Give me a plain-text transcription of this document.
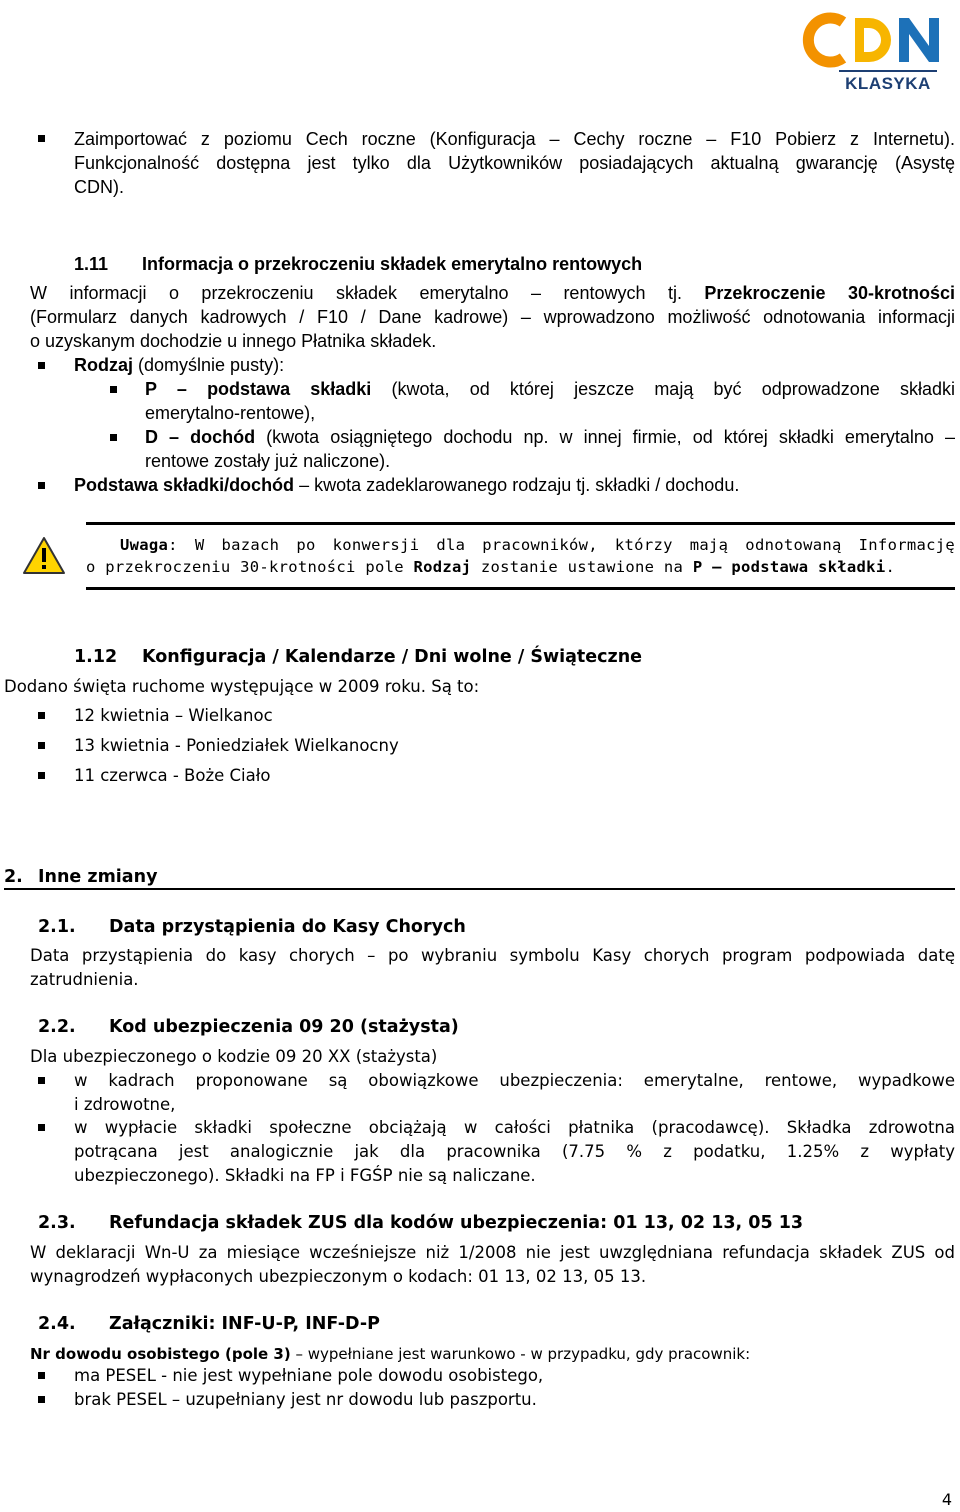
KLASYKA
Zaimportować z poziomu Cech roczne (Konfiguracja – Cechy roczne – F10 Pobierz z Internetu).
Funkcjonalność dostępna jest tylko dla Użytkowników posiadających aktualną gwarancję (Asystę
CDN).
1.11 Informacja o przekroczeniu składek emerytalno rentowych
W informacji o przekroczeniu składek emerytalno – rentowych tj. Przekroczenie 30-krotności
(Formularz danych kadrowych / F10 / Dane kadrowe) – wprowadzono możliwość odnotowania informacji
o uzyskanym dochodzie u innego Płatnika składek.
Rodzaj (domyślnie pusty):
P – podstawa składki (kwota, od której jeszcze mają być odprowadzone składki
emerytalno-rentowe),
D – dochód (kwota osiągniętego dochodu np. w innej firmie, od której składki emerytalno –
rentowe zostały już naliczone).
Podstawa składki/dochód – kwota zadeklarowanego rodzaju tj. składki / dochodu.
Uwaga: W bazach po konwersji dla pracowników, którzy mają odnotowaną Informację
o przekroczeniu 30-krotności pole Rodzaj zostanie ustawione na P – podstawa składki.
1.12 Konfiguracja / Kalendarze / Dni wolne / Świąteczne
Dodano święta ruchome występujące w 2009 roku. Są to:
12 kwietnia – Wielkanoc
13 kwietnia - Poniedziałek Wielkanocny
11 czerwca - Boże Ciało
2. Inne zmiany
2.1. Data przystąpienia do Kasy Chorych
Data przystąpienia do kasy chorych – po wybraniu symbolu Kasy chorych program podpowiada datę
zatrudnienia.
2.2. Kod ubezpieczenia 09 20 (stażysta)
Dla ubezpieczonego o kodzie 09 20 XX (stażysta)
w kadrach proponowane są obowiązkowe ubezpieczenia: emerytalne, rentowe, wypadkowe
i zdrowotne,
w wypłacie składki społeczne obciążają w całości płatnika (pracodawcę). Składka zdrowotna
potrącana jest analogicznie jak dla pracownika (7.75 % z podatku, 1.25% z wypłaty
ubezpieczonego). Składki na FP i FGŚP nie są naliczane.
2.3. Refundacja składek ZUS dla kodów ubezpieczenia: 01 13, 02 13, 05 13
W deklaracji Wn-U za miesiące wcześniejsze niż 1/2008 nie jest uwzględniana refundacja składek ZUS od
wynagrodzeń wypłaconych ubezpieczonym o kodach: 01 13, 02 13, 05 13.
2.4. Załączniki: INF-U-P, INF-D-P
Nr dowodu osobistego (pole 3) – wypełniane jest warunkowo - w przypadku, gdy pracownik:
ma PESEL - nie jest wypełniane pole dowodu osobistego,
brak PESEL – uzupełniany jest nr dowodu lub paszportu.
4
